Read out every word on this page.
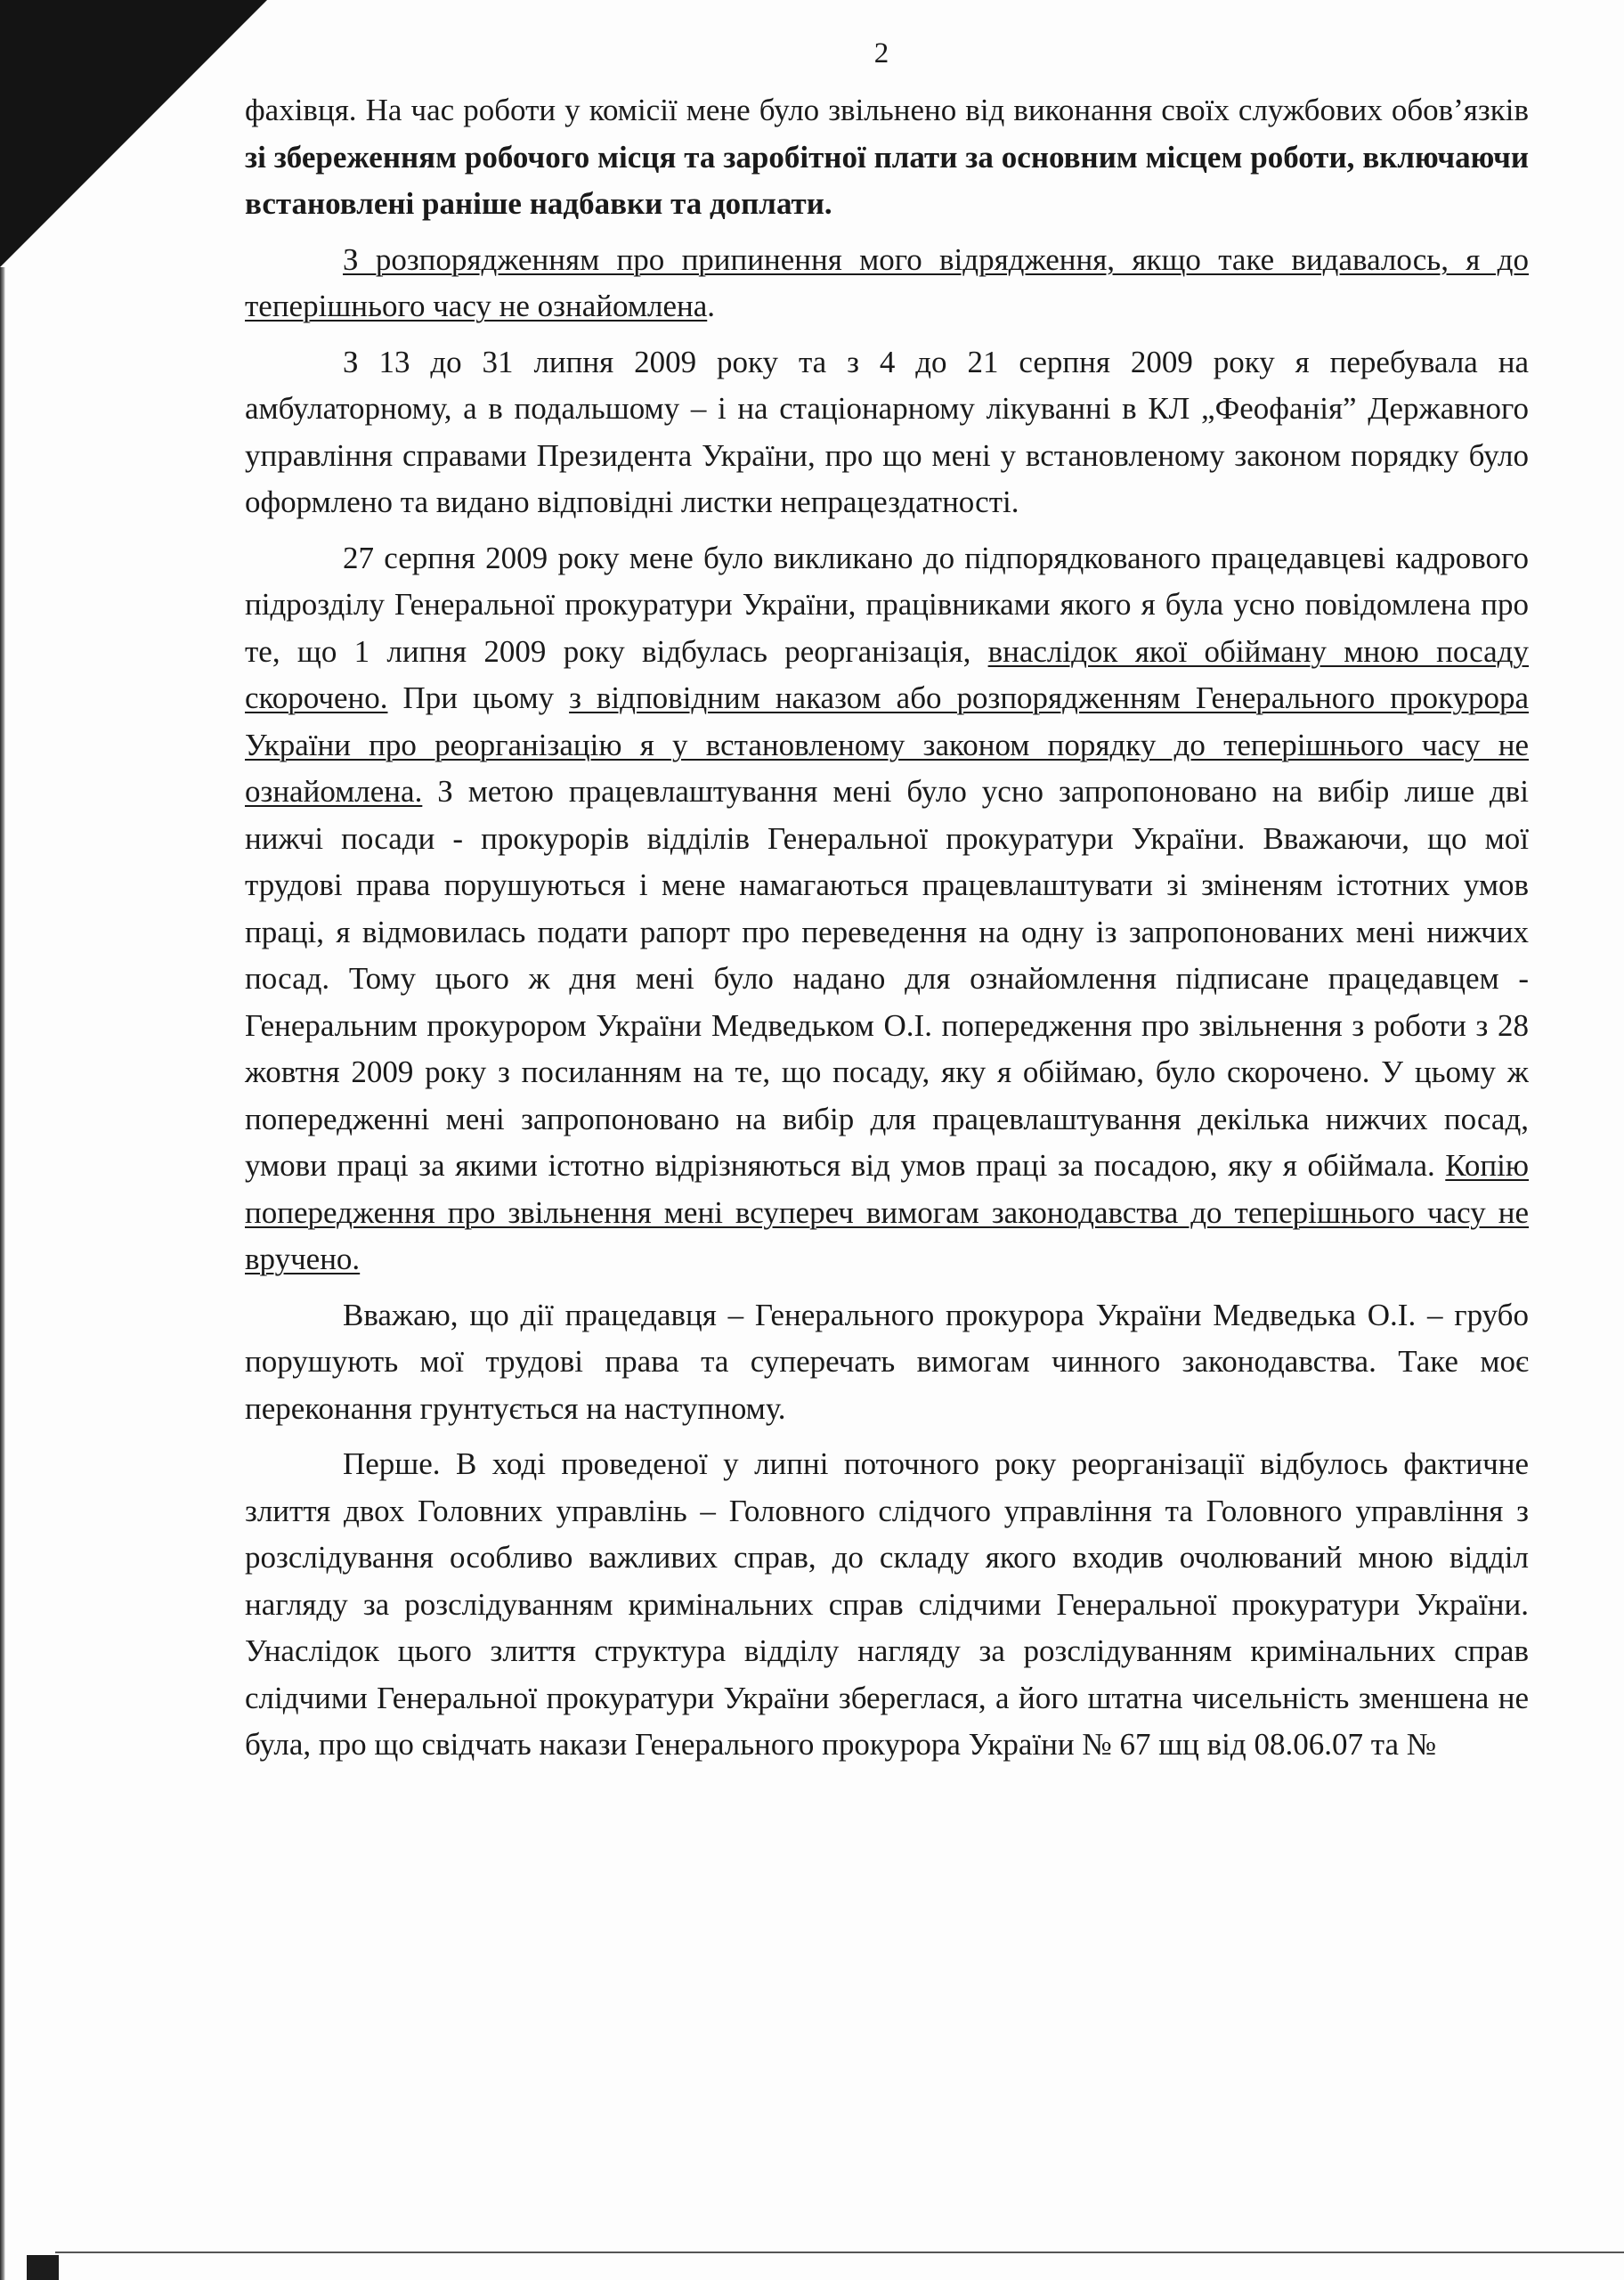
2

фахівця. На час роботи у комісії мене було звільнено від виконання своїх службових обов’язків зі збереженням робочого місця та заробітної плати за основним місцем роботи, включаючи встановлені раніше надбавки та доплати.

З розпорядженням про припинення мого відрядження, якщо таке видавалось, я до теперішнього часу не ознайомлена.

З 13 до 31 липня 2009 року та з 4 до 21 серпня 2009 року я перебувала на амбулаторному, а в подальшому – і на стаціонарному лікуванні в КЛ „Феофанія” Державного управління справами Президента України, про що мені у встановленому законом порядку було оформлено та видано відповідні листки непрацездатності.

27 серпня 2009 року мене було викликано до підпорядкованого працедавцеві кадрового підрозділу Генеральної прокуратури України, працівниками якого я була усно повідомлена про те, що 1 липня 2009 року відбулась реорганізація, внаслідок якої обійману мною посаду скорочено. При цьому з відповідним наказом або розпорядженням Генерального прокурора України про реорганізацію я у встановленому законом порядку до теперішнього часу не ознайомлена. З метою працевлаштування мені було усно запропоновано на вибір лише дві нижчі посади - прокурорів відділів Генеральної прокуратури України. Вважаючи, що мої трудові права порушуються і мене намагаються працевлаштувати зі зміненям істотних умов праці, я відмовилась подати рапорт про переведення на одну із запропонованих мені нижчих посад. Тому цього ж дня мені було надано для ознайомлення підписане працедавцем - Генеральним прокурором України Медведьком О.І. попередження про звільнення з роботи з 28 жовтня 2009 року з посиланням на те, що посаду, яку я обіймаю, було скорочено. У цьому ж попередженні мені запропоновано на вибір для працевлаштування декілька нижчих посад, умови праці за якими істотно відрізняються від умов праці за посадою, яку я обіймала. Копію попередження про звільнення мені всупереч вимогам законодавства до теперішнього часу не вручено.

Вважаю, що дії працедавця – Генерального прокурора України Медведька О.І. – грубо порушують мої трудові права та суперечать вимогам чинного законодавства. Таке моє переконання грунтується на наступному.

Перше. В ході проведеної у липні поточного року реорганізації відбулось фактичне злиття двох Головних управлінь – Головного слідчого управління та Головного управління з розслідування особливо важливих справ, до складу якого входив очолюваний мною відділ нагляду за розслідуванням кримінальних справ слідчими Генеральної прокуратури України. Унаслідок цього злиття структура відділу нагляду за розслідуванням кримінальних справ слідчими Генеральної прокуратури України збереглася, а його штатна чисельність зменшена не була, про що свідчать накази Генерального прокурора України № 67 шц від 08.06.07 та №
